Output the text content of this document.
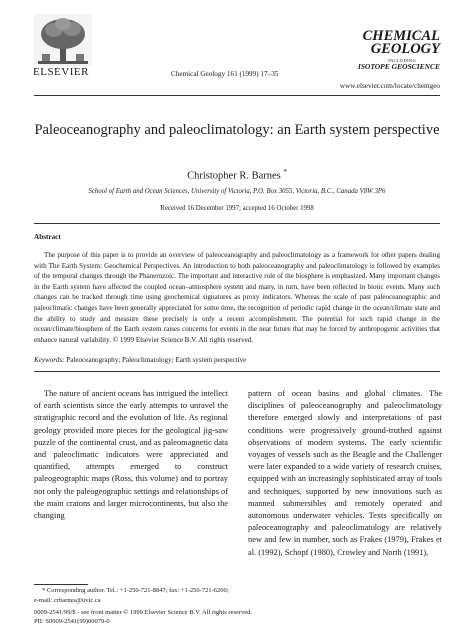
ELSEVIER	Chemical Geology 161 (1999) 17–35
CHEMICAL
GEOLOGY
INCLUDING
ISOTOPE GEOSCIENCE
www.elsevier.com/locate/chemgeo
Paleoceanography and paleoclimatology: an Earth system perspective
Christopher R. Barnes *
School of Earth and Ocean Sciences, University of Victoria, P.O. Box 3055, Victoria, B.C., Canada V8W 3P6
Received 16 December 1997; accepted 16 October 1998
Abstract

The purpose of this paper is to provide an overview of paleoceanography and paleoclimatology as a framework for other papers dealing with The Earth System: Geochemical Perspectives. An introduction to both paleoceanography and paleoclimatology is followed by examples of the temporal changes through the Phanerozoic. The important and interactive role of the biosphere is emphasized. Many important changes in the Earth system have affected the coupled ocean–atmosphere system and many, in turn, have been reflected in biotic events. Many such changes can be tracked through time using geochemical signatures as proxy indicators. Whereas the scale of past paleoceanographic and paleoclimatic changes have been generally appreciated for some time, the recognition of periodic rapid change in the ocean/climate state and the ability to study and measure these precisely is only a recent accomplishment. The potential for such rapid change in the ocean/climate/biosphere of the Earth system raises concerns for events in the near future that may be forced by anthropogenic activities that enhance natural variability. © 1999 Elsevier Science B.V. All rights reserved.

Keywords: Paleoceanography; Paleoclimatology; Earth system perspective

The nature of ancient oceans has intrigued the intellect of earth scientists since the early attempts to unravel the stratigraphic record and the evolution of life. As regional geology provided more pieces for the geological jig-saw puzzle of the continental crust, and as paleomagnetic data and paleoclimatic indicators were appreciated and quantified, attempts emerged to construct paleogeographic maps (Ross, this volume) and to portray not only the paleogeographic settings and relationships of the main cratons and larger microcontinents, but also the changing

pattern of ocean basins and global climates. The disciplines of paleoceanography and paleoclimatology therefore emerged slowly and interpretations of past conditions were progressively ground-truthed against observations of modern systems. The early scientific voyages of vessels such as the Beagle and the Challenger were later expanded to a wide variety of research cruises, equipped with an increasingly sophisticated array of tools and techniques, supported by new innovations such as manned submersibles and remotely operated and autonomous underwater vehicles. Texts specifically on paleoceanography and paleoclimatology are relatively new and few in number, such as Frakes (1979), Frakes et al. (1992), Schopf (1980), Crowley and North (1991),

* Corresponding author. Tel.: +1-250-721-8847; fax: +1-250-721-6200; e-mail: crbarnes@uvic.ca

0009-2541/99/$ - see front matter © 1999 Elsevier Science B.V. All rights reserved.
PII: S0009-2541(99)00079-0
